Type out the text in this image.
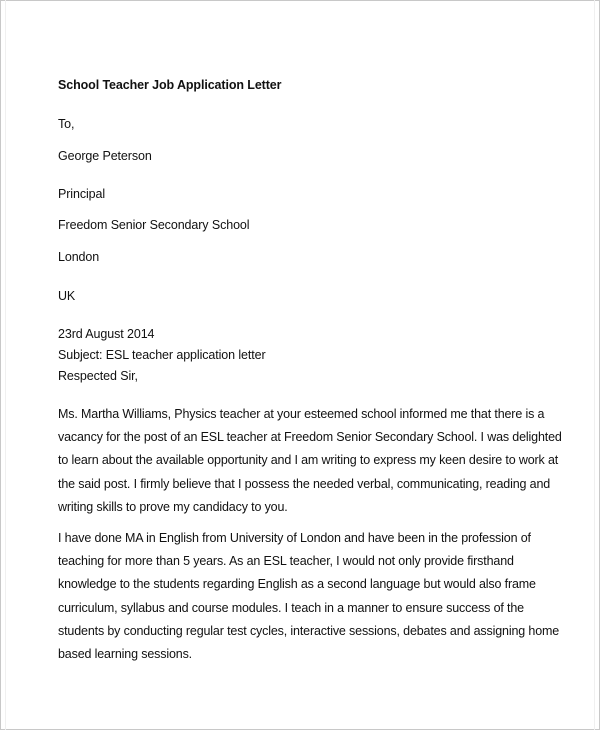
School Teacher Job Application Letter
To,
George Peterson
Principal
Freedom Senior Secondary School
London
UK
23rd August 2014
Subject: ESL teacher application letter
Respected Sir,
Ms. Martha Williams, Physics teacher at your esteemed school informed me that there is a
vacancy for the post of an ESL teacher at Freedom Senior Secondary School. I was delighted
to learn about the available opportunity and I am writing to express my keen desire to work at
the said post. I firmly believe that I possess the needed verbal, communicating, reading and
writing skills to prove my candidacy to you.
I have done MA in English from University of London and have been in the profession of
teaching for more than 5 years. As an ESL teacher, I would not only provide firsthand
knowledge to the students regarding English as a second language but would also frame
curriculum, syllabus and course modules. I teach in a manner to ensure success of the
students by conducting regular test cycles, interactive sessions, debates and assigning home
based learning sessions.
